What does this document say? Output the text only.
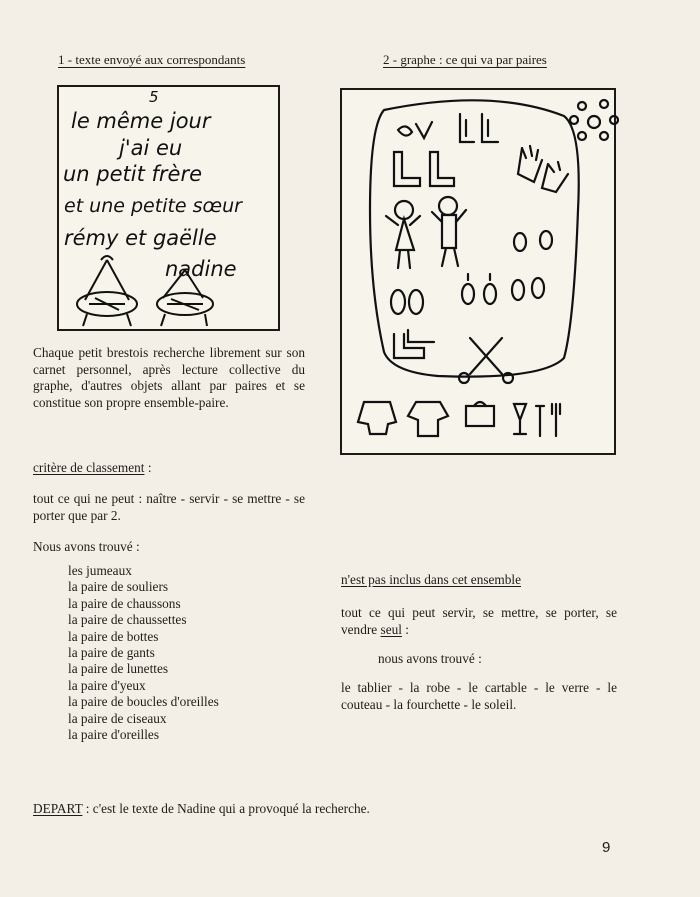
1 - texte envoyé aux correspondants	2 - graphe : ce qui va par paires
5
le même jour
j'ai eu
un petit frère
et une petite sœur
rémy et gaëlle
nadine
Chaque petit brestois recherche librement sur son carnet personnel, après lecture collective du graphe, d'autres objets allant par paires et se constitue son propre ensemble-paire.
critère de classement :
tout ce qui ne peut : naître - servir - se mettre - se porter que par 2.
Nous avons trouvé :
les jumeaux
la paire de souliers
la paire de chaussons
la paire de chaussettes
la paire de bottes
la paire de gants
la paire de lunettes
la paire d'yeux
la paire de boucles d'oreilles
la paire de ciseaux
la paire d'oreilles
n'est pas inclus dans cet ensemble
tout ce qui peut servir, se mettre, se porter, se vendre seul :
nous avons trouvé :
le tablier - la robe - le cartable - le verre - le couteau - la fourchette - le soleil.
DEPART : c'est le texte de Nadine qui a provoqué la recherche.
9
